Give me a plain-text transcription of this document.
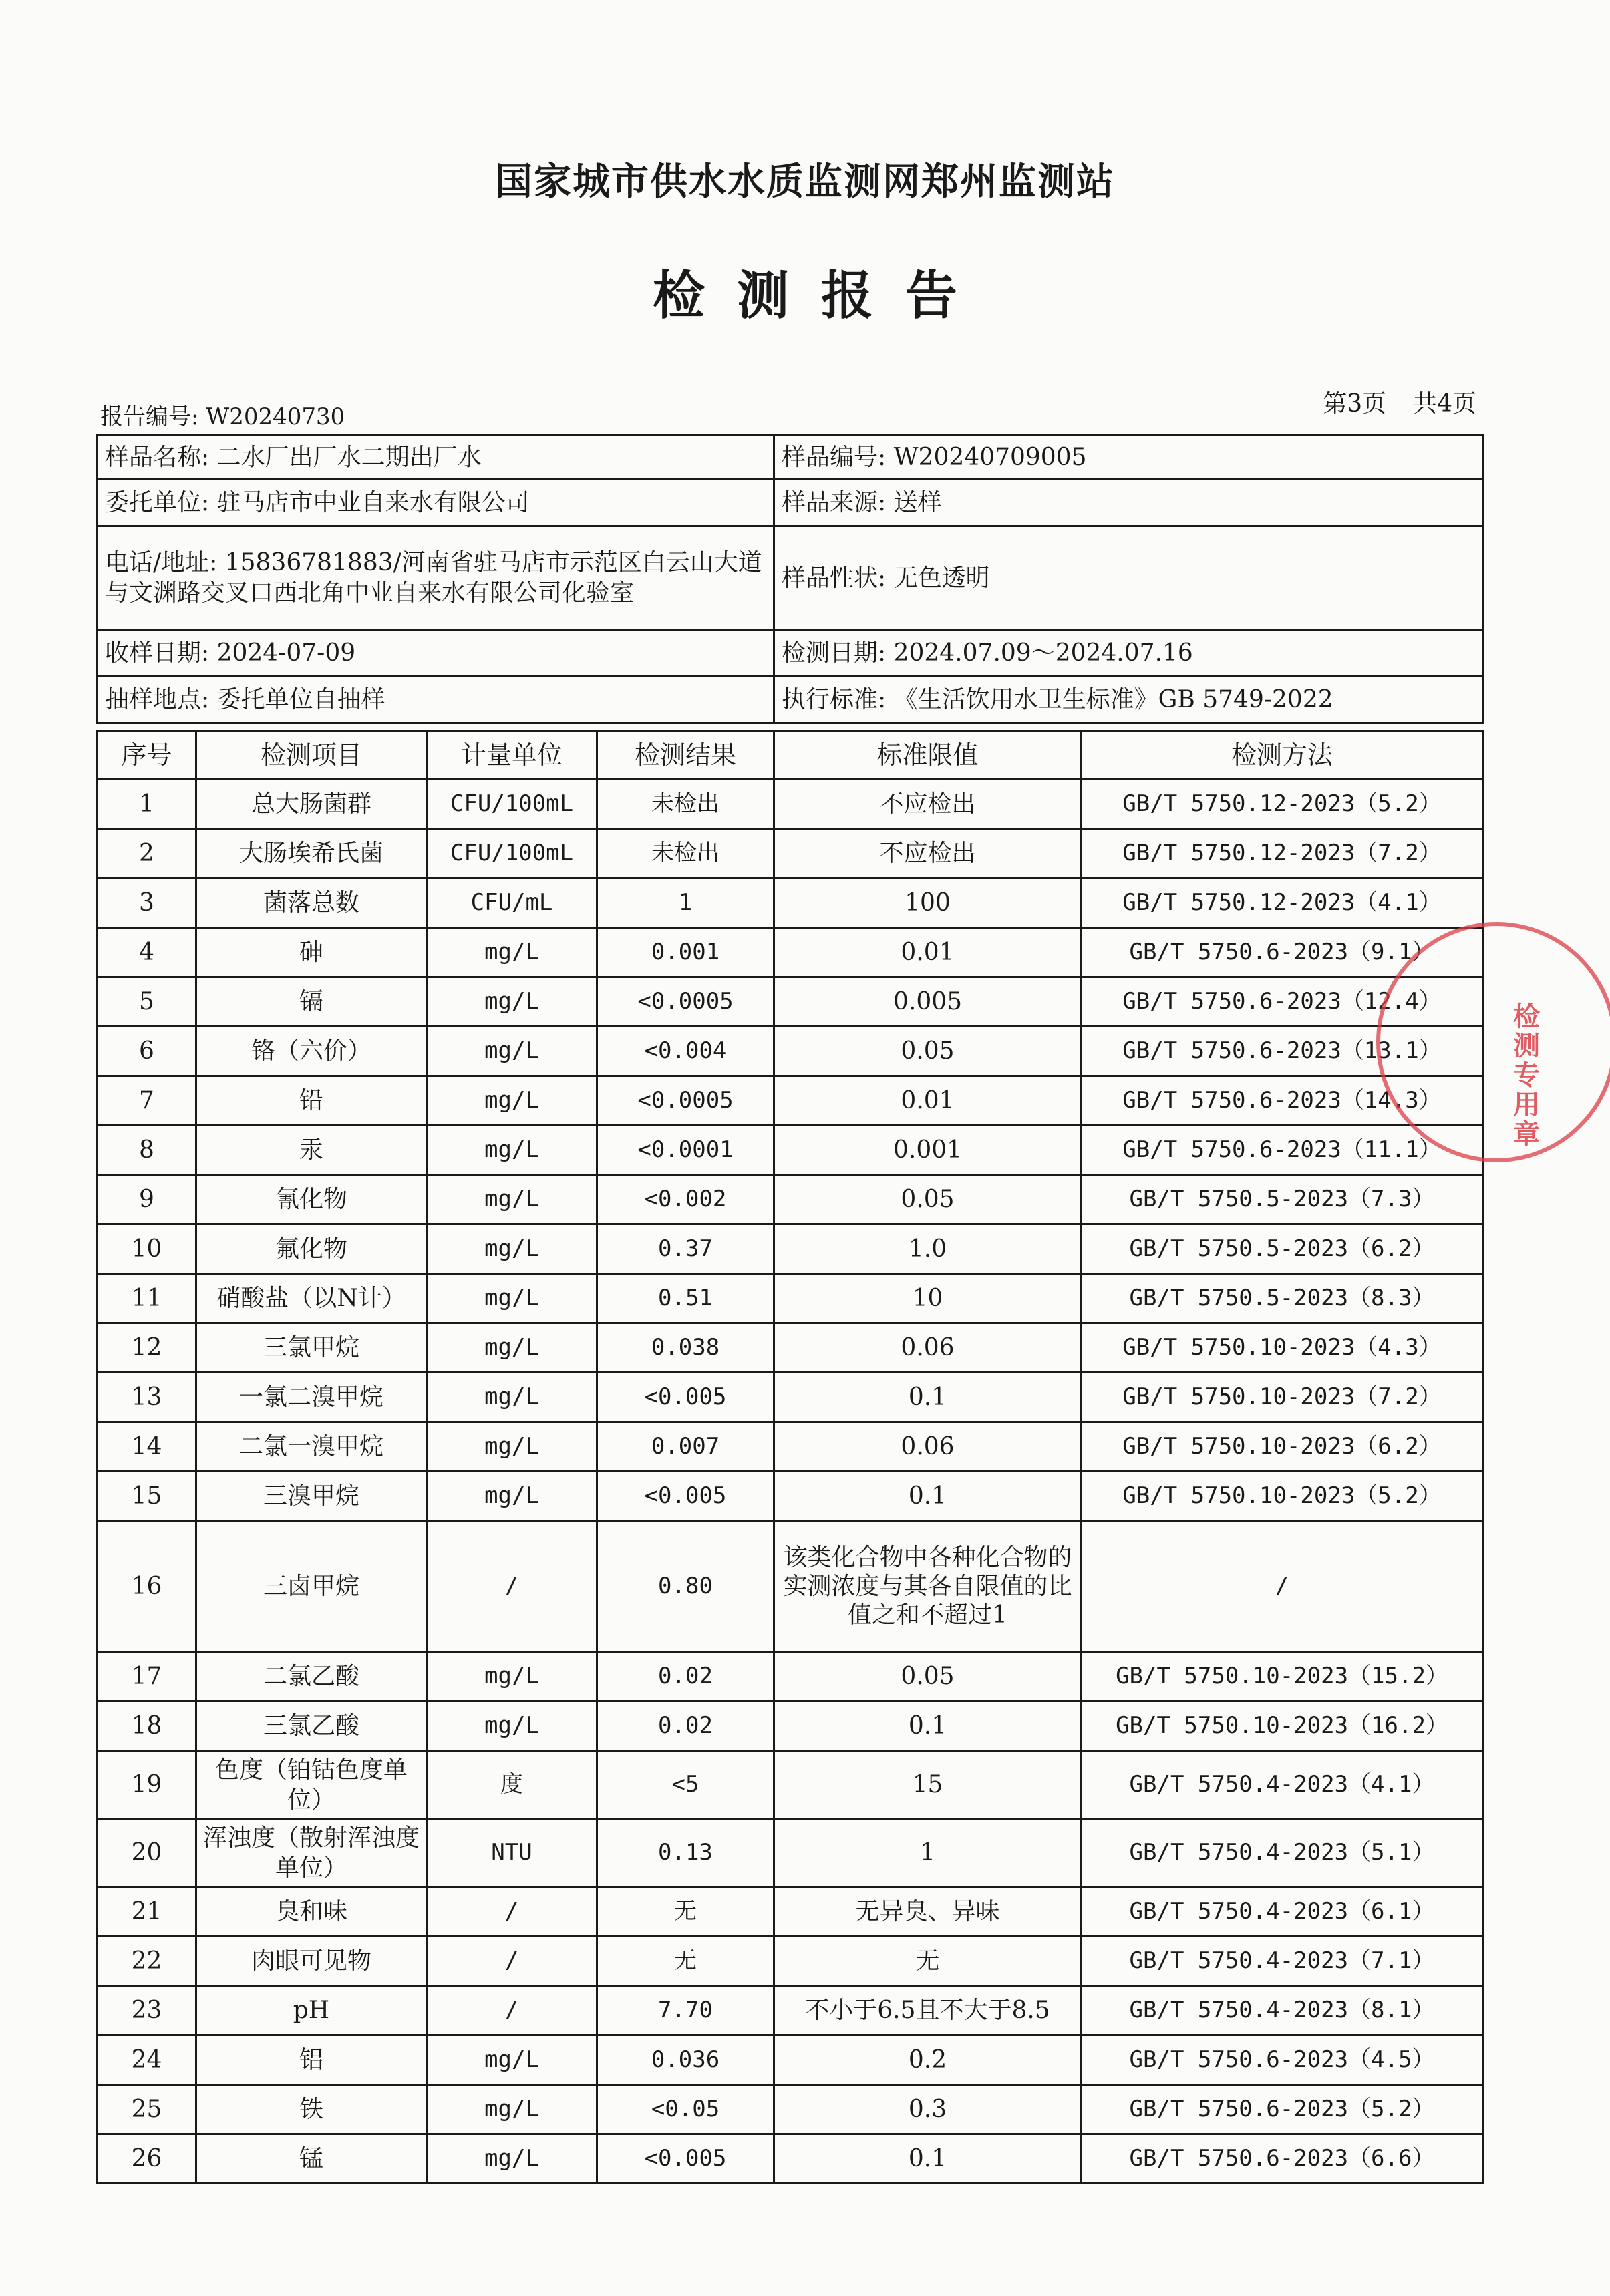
国家城市供水水质监测网郑州监测站
检测报告
报告编号: W20240730	第3页 共4页
样品名称: 二水厂出厂水二期出厂水	样品编号: W20240709005
委托单位: 驻马店市中业自来水有限公司	样品来源: 送样
电话/地址: 15836781883/河南省驻马店市示范区白云山大道与文渊路交叉口西北角中业自来水有限公司化验室	样品性状: 无色透明
收样日期: 2024-07-09	检测日期: 2024.07.09～2024.07.16
抽样地点: 委托单位自抽样	执行标准: 《生活饮用水卫生标准》GB 5749-2022
序号	检测项目	计量单位	检测结果	标准限值	检测方法
1	总大肠菌群	CFU/100mL	未检出	不应检出	GB/T 5750.12-2023（5.2）
2	大肠埃希氏菌	CFU/100mL	未检出	不应检出	GB/T 5750.12-2023（7.2）
3	菌落总数	CFU/mL	1	100	GB/T 5750.12-2023（4.1）
4	砷	mg/L	0.001	0.01	GB/T 5750.6-2023（9.1）
5	镉	mg/L	<0.0005	0.005	GB/T 5750.6-2023（12.4）
6	铬（六价）	mg/L	<0.004	0.05	GB/T 5750.6-2023（13.1）
7	铅	mg/L	<0.0005	0.01	GB/T 5750.6-2023（14.3）
8	汞	mg/L	<0.0001	0.001	GB/T 5750.6-2023（11.1）
9	氰化物	mg/L	<0.002	0.05	GB/T 5750.5-2023（7.3）
10	氟化物	mg/L	0.37	1.0	GB/T 5750.5-2023（6.2）
11	硝酸盐（以N计）	mg/L	0.51	10	GB/T 5750.5-2023（8.3）
12	三氯甲烷	mg/L	0.038	0.06	GB/T 5750.10-2023（4.3）
13	一氯二溴甲烷	mg/L	<0.005	0.1	GB/T 5750.10-2023（7.2）
14	二氯一溴甲烷	mg/L	0.007	0.06	GB/T 5750.10-2023（6.2）
15	三溴甲烷	mg/L	<0.005	0.1	GB/T 5750.10-2023（5.2）
16	三卤甲烷	/	0.80	该类化合物中各种化合物的实测浓度与其各自限值的比值之和不超过1	/
17	二氯乙酸	mg/L	0.02	0.05	GB/T 5750.10-2023（15.2）
18	三氯乙酸	mg/L	0.02	0.1	GB/T 5750.10-2023（16.2）
19	色度（铂钴色度单位）	度	<5	15	GB/T 5750.4-2023（4.1）
20	浑浊度（散射浑浊度单位）	NTU	0.13	1	GB/T 5750.4-2023（5.1）
21	臭和味	/	无	无异臭、异味	GB/T 5750.4-2023（6.1）
22	肉眼可见物	/	无	无	GB/T 5750.4-2023（7.1）
23	pH	/	7.70	不小于6.5且不大于8.5	GB/T 5750.4-2023（8.1）
24	铝	mg/L	0.036	0.2	GB/T 5750.6-2023（4.5）
25	铁	mg/L	<0.05	0.3	GB/T 5750.6-2023（5.2）
26	锰	mg/L	<0.005	0.1	GB/T 5750.6-2023（6.6）
检测专用章
